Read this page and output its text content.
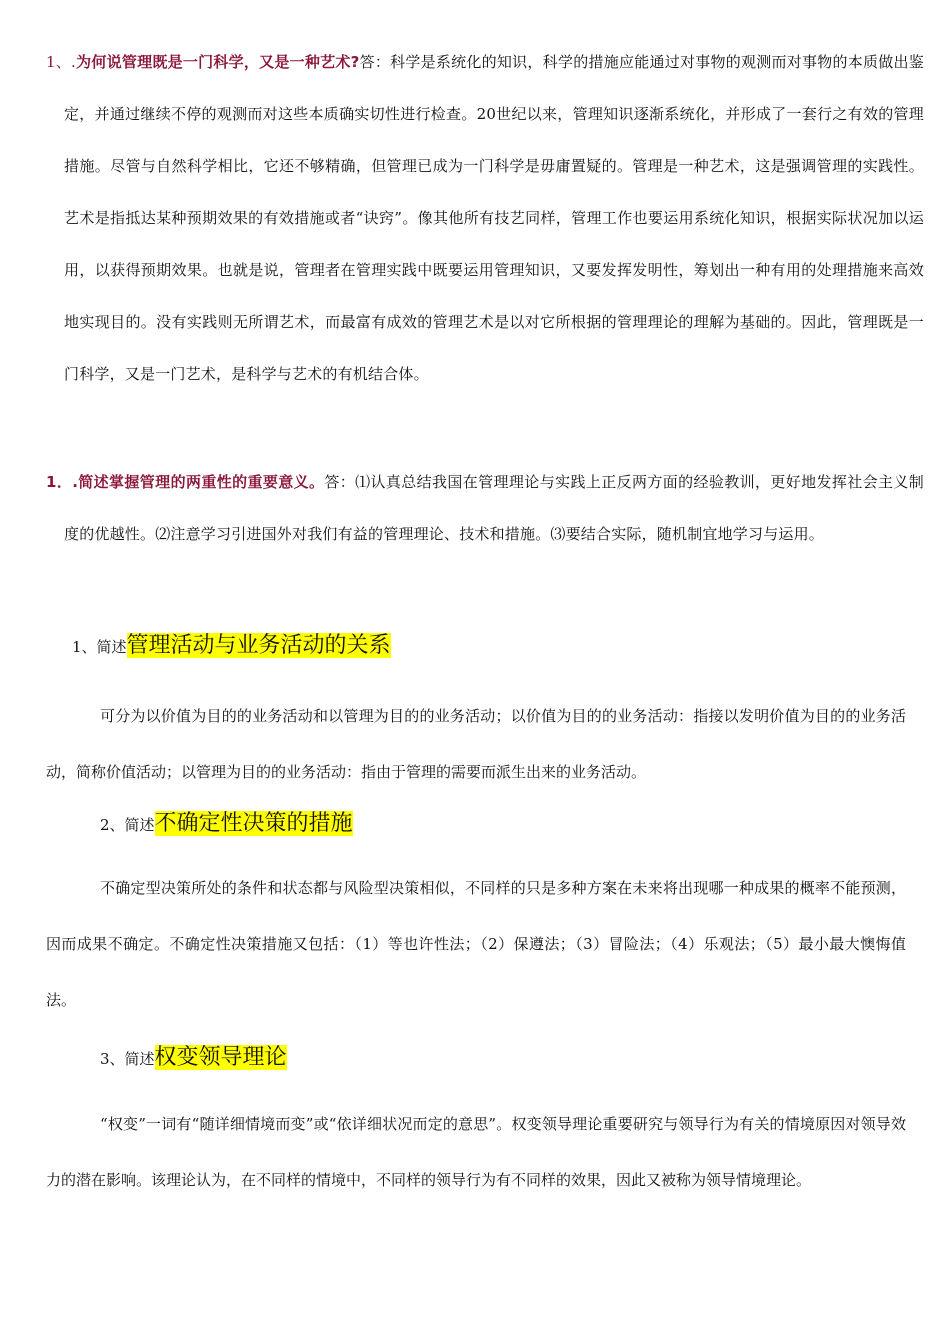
1、.为何说管理既是一门科学，又是一种艺术?答：科学是系统化的知识，科学的措施应能通过对事物的观测而对事物的本质做出鉴定，并通过继续不停的观测而对这些本质确实切性进行检查。20世纪以来，管理知识逐渐系统化，并形成了一套行之有效的管理措施。尽管与自然科学相比，它还不够精确，但管理已成为一门科学是毋庸置疑的。管理是一种艺术，这是强调管理的实践性。艺术是指抵达某种预期效果的有效措施或者“诀窍”。像其他所有技艺同样，管理工作也要运用系统化知识，根据实际状况加以运用，以获得预期效果。也就是说，管理者在管理实践中既要运用管理知识，又要发挥发明性，筹划出一种有用的处理措施来高效地实现目的。没有实践则无所谓艺术，而最富有成效的管理艺术是以对它所根据的管理理论的理解为基础的。因此，管理既是一门科学，又是一门艺术，是科学与艺术的有机结合体。
1．.简述掌握管理的两重性的重要意义。答：⑴认真总结我国在管理理论与实践上正反两方面的经验教训，更好地发挥社会主义制度的优越性。⑵注意学习引进国外对我们有益的管理理论、技术和措施。⑶要结合实际，随机制宜地学习与运用。
1、简述管理活动与业务活动的关系
可分为以价值为目的的业务活动和以管理为目的的业务活动；以价值为目的的业务活动：指接以发明价值为目的的业务活动，简称价值活动；以管理为目的的业务活动：指由于管理的需要而派生出来的业务活动。
2、简述不确定性决策的措施
不确定型决策所处的条件和状态都与风险型决策相似，不同样的只是多种方案在未来将出现哪一种成果的概率不能预测，因而成果不确定。不确定性决策措施又包括：（1）等也许性法；（2）保遵法；（3）冒险法；（4）乐观法；（5）最小最大懊悔值法。
3、简述权变领导理论
“权变”一词有“随详细情境而变”或“依详细状况而定的意思”。权变领导理论重要研究与领导行为有关的情境原因对领导效力的潜在影响。该理论认为，在不同样的情境中，不同样的领导行为有不同样的效果，因此又被称为领导情境理论。
